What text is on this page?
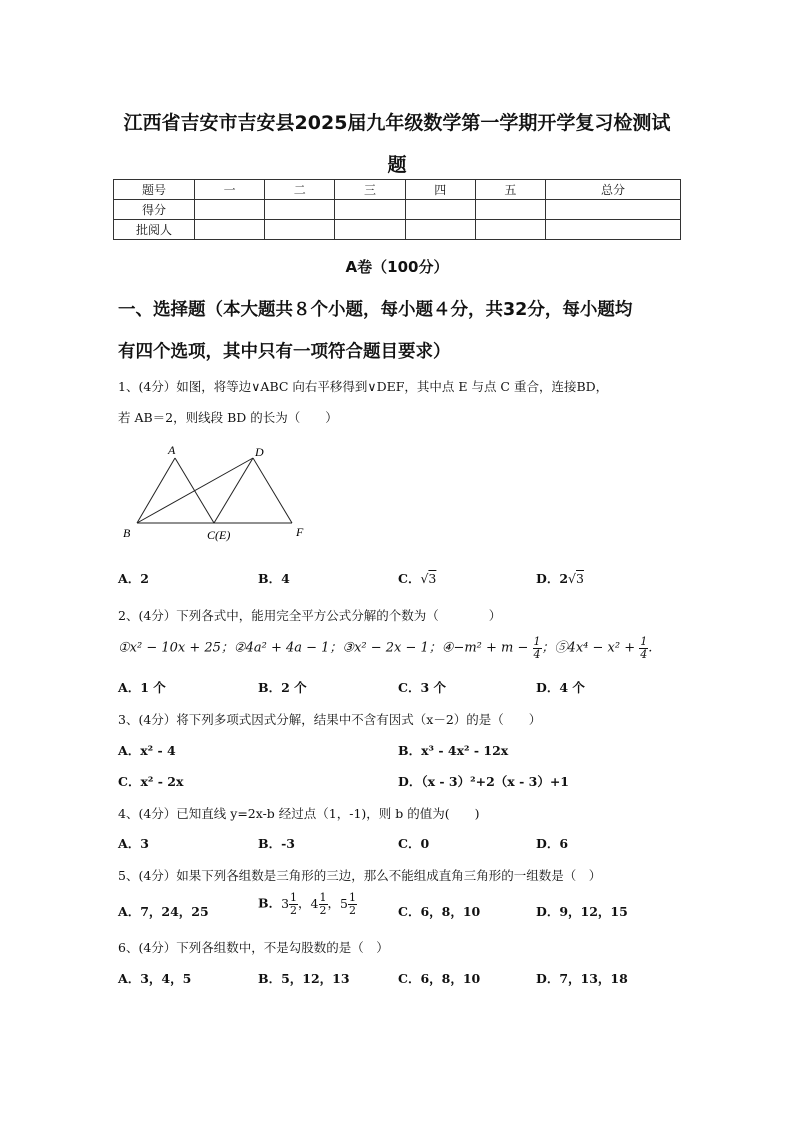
江西省吉安市吉安县2025届九年级数学第一学期开学复习检测试
题
题号	一	二	三	四	五	总分
得分						
批阅人						
A卷（100分）
一、选择题（本大题共８个小题，每小题４分，共32分，每小题均
有四个选项，其中只有一项符合题目要求）
1、(4分）如图，将等边∨ABC 向右平移得到∨DEF，其中点 E 与点 C 重合，连接BD，
若 AB＝2，则线段 BD 的长为（　　）
A	D
B	C(E)	F
A．2	B．4	C．√3	D．2√3
2、(4分）下列各式中，能用完全平方公式分解的个数为（　　　　）
①x² − 10x + 25；②4a² + 4a − 1；③x² − 2x − 1；④−m² + $m - \frac{1}{4}$ ；⑤4x⁴ − $x^2 + \frac{1}{4}$ .
A．1 个	B．2 个	C．3 个	D．4 个
3、(4分）将下列多项式因式分解，结果中不含有因式（x－2）的是（　　）
A．x² - 4	B．x³ - 4x² - 12x
C．x² - 2x	D．（x - 3）²+2（x - 3）+1
4、(4分）已知直线 y=2x-b 经过点（1，-1)，则 b 的值为(　　)
A．3	B．-3	C．0	D．6
5、(4分）如果下列各组数是三角形的三边，那么不能组成直角三角形的一组数是（　）
A．7，24，25
B．$3 \frac{1}{2}$ ，$4 \frac{1}{2}$ ，$5 \frac{1}{2}$	C．6，8，10	D．9，12，15
6、(4分）下列各组数中，不是勾股数的是（　）
A．3，4，5	B．5，12，13	C．6，8，10	D．7，13，18
